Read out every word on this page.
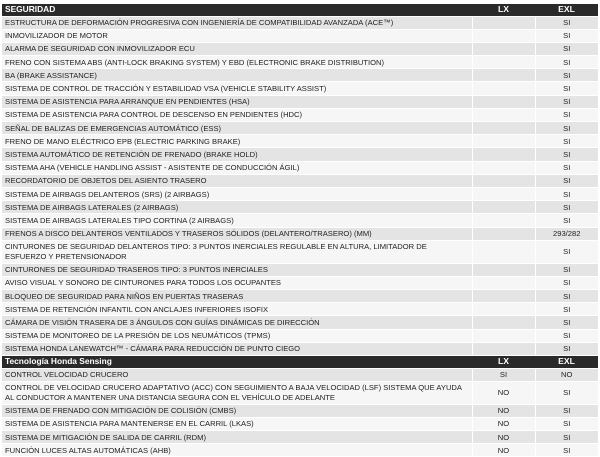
SEGURIDAD	LX	EXL
ESTRUCTURA DE DEFORMACIÓN PROGRESIVA CON INGENIERÍA DE COMPATIBILIDAD AVANZADA (ACE™)		SI
INMOVILIZADOR DE MOTOR		SI
ALARMA DE SEGURIDAD CON INMOVILIZADOR ECU		SI
FRENO CON SISTEMA ABS (ANTI-LOCK BRAKING SYSTEM) Y EBD (ELECTRONIC BRAKE DISTRIBUTION)		SI
BA (BRAKE ASSISTANCE)		SI
SISTEMA DE CONTROL DE TRACCIÓN Y ESTABILIDAD VSA (VEHICLE STABILITY ASSIST)		SI
SISTEMA DE ASISTENCIA PARA ARRANQUE EN PENDIENTES (HSA)		SI
SISTEMA DE ASISTENCIA PARA CONTROL DE DESCENSO EN PENDIENTES (HDC)		SI
SEÑAL DE BALIZAS DE EMERGENCIAS AUTOMÁTICO (ESS)		SI
FRENO DE MANO ELÉCTRICO EPB (ELECTRIC PARKING BRAKE)		SI
SISTEMA AUTOMÁTICO DE RETENCIÓN DE FRENADO (BRAKE HOLD)		SI
SISTEMA AHA (VEHICLE HANDLING ASSIST - ASISTENTE DE CONDUCCIÓN ÁGIL)		SI
RECORDATORIO DE OBJETOS DEL ASIENTO TRASERO		SI
SISTEMA DE AIRBAGS DELANTEROS (SRS) (2 AIRBAGS)		SI
SISTEMA DE AIRBAGS LATERALES (2 AIRBAGS)		SI
SISTEMA DE AIRBAGS LATERALES TIPO CORTINA (2 AIRBAGS)		SI
FRENOS A DISCO DELANTEROS VENTILADOS Y TRASEROS SÓLIDOS (DELANTERO/TRASERO) (MM)		293/282
CINTURONES DE SEGURIDAD DELANTEROS TIPO: 3 PUNTOS INERCIALES REGULABLE EN ALTURA, LIMITADOR DE ESFUERZO Y PRETENSIONADOR		SI
CINTURONES DE SEGURIDAD TRASEROS TIPO: 3 PUNTOS INERCIALES		SI
AVISO VISUAL Y SONORO DE CINTURONES PARA TODOS LOS OCUPANTES		SI
BLOQUEO DE SEGURIDAD PARA NIÑOS EN PUERTAS TRASERAS		SI
SISTEMA DE RETENCIÓN INFANTIL CON ANCLAJES INFERIORES ISOFIX		SI
CÁMARA DE VISIÓN TRASERA DE 3 ÁNGULOS CON GUÍAS DINÁMICAS DE DIRECCIÓN		SI
SISTEMA DE MONITOREO DE LA PRESIÓN DE LOS NEUMÁTICOS (TPMS)		SI
SISTEMA HONDA LANEWATCH™ - CÁMARA PARA REDUCCIÓN DE PUNTO CIEGO		SI
Tecnología Honda Sensing	LX	EXL
CONTROL VELOCIDAD CRUCERO	SI	NO
CONTROL DE VELOCIDAD CRUCERO ADAPTATIVO (ACC) CON SEGUIMIENTO A BAJA VELOCIDAD (LSF) SISTEMA QUE AYUDA AL CONDUCTOR A MANTENER UNA DISTANCIA SEGURA CON EL VEHÍCULO DE ADELANTE	NO	SI
SISTEMA DE FRENADO CON MITIGACIÓN DE COLISIÓN (CMBS)	NO	SI
SISTEMA DE ASISTENCIA PARA MANTENERSE EN EL CARRIL (LKAS)	NO	SI
SISTEMA DE MITIGACIÓN DE SALIDA DE CARRIL (RDM)	NO	SI
FUNCIÓN LUCES ALTAS AUTOMÁTICAS (AHB)	NO	SI
